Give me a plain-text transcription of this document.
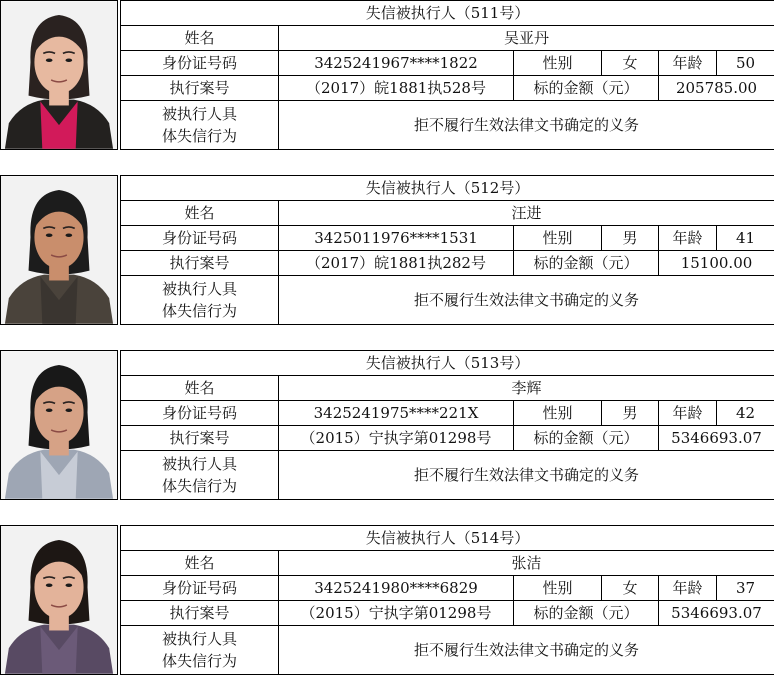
失信被执行人（511号）					
姓名	吴亚丹				
身份证号码	3425241967****1822	性别	女	年龄	50
执行案号	（2017）皖1881执528号	标的金额（元）		205785.00	

被执行人具
体失信行为	拒不履行生效法律文书确定的义务				
失信被执行人（512号）					
姓名	汪进				
身份证号码	3425011976****1531	性别	男	年龄	41
执行案号	（2017）皖1881执282号	标的金额（元）		15100.00	

被执行人具
体失信行为	拒不履行生效法律文书确定的义务				
失信被执行人（513号）					
姓名	李辉				
身份证号码	3425241975****221X	性别	男	年龄	42
执行案号	（2015）宁执字第01298号	标的金额（元）		5346693.07	

被执行人具
体失信行为	拒不履行生效法律文书确定的义务				
失信被执行人（514号）					
姓名	张洁				
身份证号码	3425241980****6829	性别	女	年龄	37
执行案号	（2015）宁执字第01298号	标的金额（元）		5346693.07	

被执行人具
体失信行为	拒不履行生效法律文书确定的义务				
